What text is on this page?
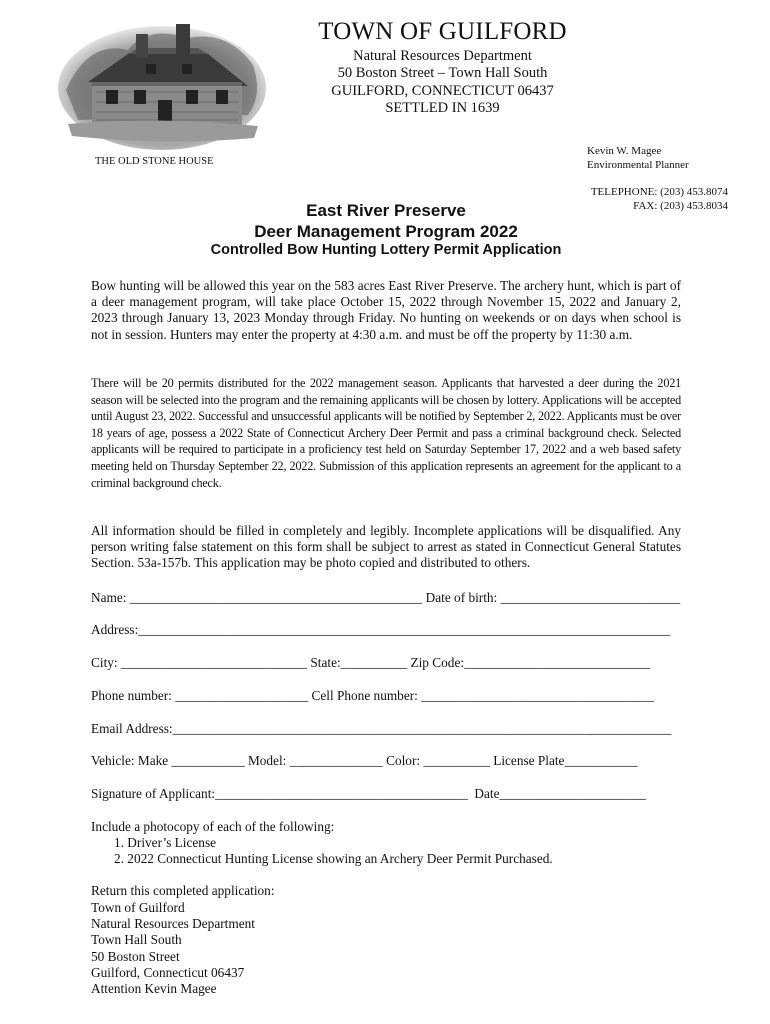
TOWN OF GUILFORD
Natural Resources Department
50 Boston Street – Town Hall South
GUILFORD, CONNECTICUT 06437
SETTLED IN 1639
THE OLD STONE HOUSE
Kevin W. Magee
Environmental Planner
TELEPHONE: (203) 453.8074
FAX: (203) 453.8034
East River Preserve
Deer Management Program 2022
Controlled Bow Hunting Lottery Permit Application
Bow hunting will be allowed this year on the 583 acres East River Preserve. The archery hunt, which is part of a deer management program, will take place October 15, 2022 through November 15, 2022 and January 2, 2023 through January 13, 2023 Monday through Friday. No hunting on weekends or on days when school is not in session. Hunters may enter the property at 4:30 a.m. and must be off the property by 11:30 a.m.
There will be 20 permits distributed for the 2022 management season. Applicants that harvested a deer during the 2021 season will be selected into the program and the remaining applicants will be chosen by lottery. Applications will be accepted until August 23, 2022. Successful and unsuccessful applicants will be notified by September 2, 2022. Applicants must be over 18 years of age, possess a 2022 State of Connecticut Archery Deer Permit and pass a criminal background check. Selected applicants will be required to participate in a proficiency test held on Saturday September 17, 2022 and a web based safety meeting held on Thursday September 22, 2022. Submission of this application represents an agreement for the applicant to a criminal background check.
All information should be filled in completely and legibly. Incomplete applications will be disqualified. Any person writing false statement on this form shall be subject to arrest as stated in Connecticut General Statutes Section. 53a-157b. This application may be photo copied and distributed to others.
Name: ____________________________________________ Date of birth: ___________________________
Address:________________________________________________________________________________
City: ____________________________ State:__________ Zip Code:____________________________
Phone number: ____________________ Cell Phone number: ___________________________________
Email Address:___________________________________________________________________________
Vehicle: Make ___________ Model: ______________ Color: __________ License Plate___________
Signature of Applicant:______________________________________  Date______________________
Include a photocopy of each of the following:
1. Driver’s License
2. 2022 Connecticut Hunting License showing an Archery Deer Permit Purchased.
Return this completed application:
Town of Guilford
Natural Resources Department
Town Hall South
50 Boston Street
Guilford, Connecticut 06437
Attention Kevin Magee
